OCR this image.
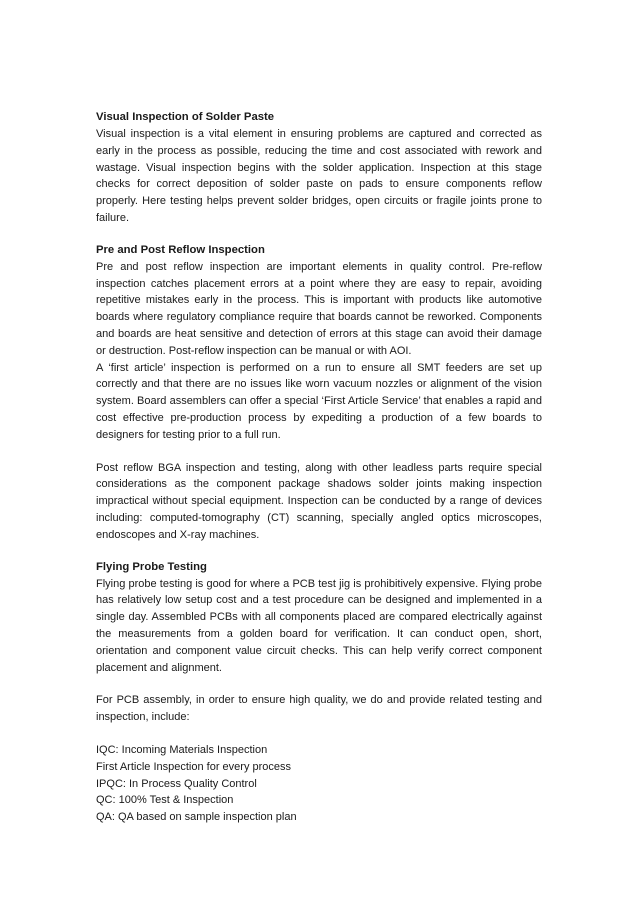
Visual Inspection of Solder Paste

Visual inspection is a vital element in ensuring problems are captured and corrected as early in the process as possible, reducing the time and cost associated with rework and wastage. Visual inspection begins with the solder application. Inspection at this stage checks for correct deposition of solder paste on pads to ensure components reflow properly. Here testing helps prevent solder bridges, open circuits or fragile joints prone to failure.

Pre and Post Reflow Inspection

Pre and post reflow inspection are important elements in quality control. Pre-reflow inspection catches placement errors at a point where they are easy to repair, avoiding repetitive mistakes early in the process. This is important with products like automotive boards where regulatory compliance require that boards cannot be reworked. Components and boards are heat sensitive and detection of errors at this stage can avoid their damage or destruction. Post-reflow inspection can be manual or with AOI.

A ‘first article’ inspection is performed on a run to ensure all SMT feeders are set up correctly and that there are no issues like worn vacuum nozzles or alignment of the vision system. Board assemblers can offer a special ‘First Article Service’ that enables a rapid and cost effective pre-production process by expediting a production of a few boards to designers for testing prior to a full run.

Post reflow BGA inspection and testing, along with other leadless parts require special considerations as the component package shadows solder joints making inspection impractical without special equipment. Inspection can be conducted by a range of devices including: computed-tomography (CT) scanning, specially angled optics microscopes, endoscopes and X-ray machines.

Flying Probe Testing

Flying probe testing is good for where a PCB test jig is prohibitively expensive. Flying probe has relatively low setup cost and a test procedure can be designed and implemented in a single day. Assembled PCBs with all components placed are compared electrically against the measurements from a golden board for verification. It can conduct open, short, orientation and component value circuit checks. This can help verify correct component placement and alignment.

For PCB assembly, in order to ensure high quality, we do and provide related testing and inspection, include:

IQC: Incoming Materials Inspection
First Article Inspection for every process
IPQC: In Process Quality Control
QC: 100% Test & Inspection
QA: QA based on sample inspection plan
